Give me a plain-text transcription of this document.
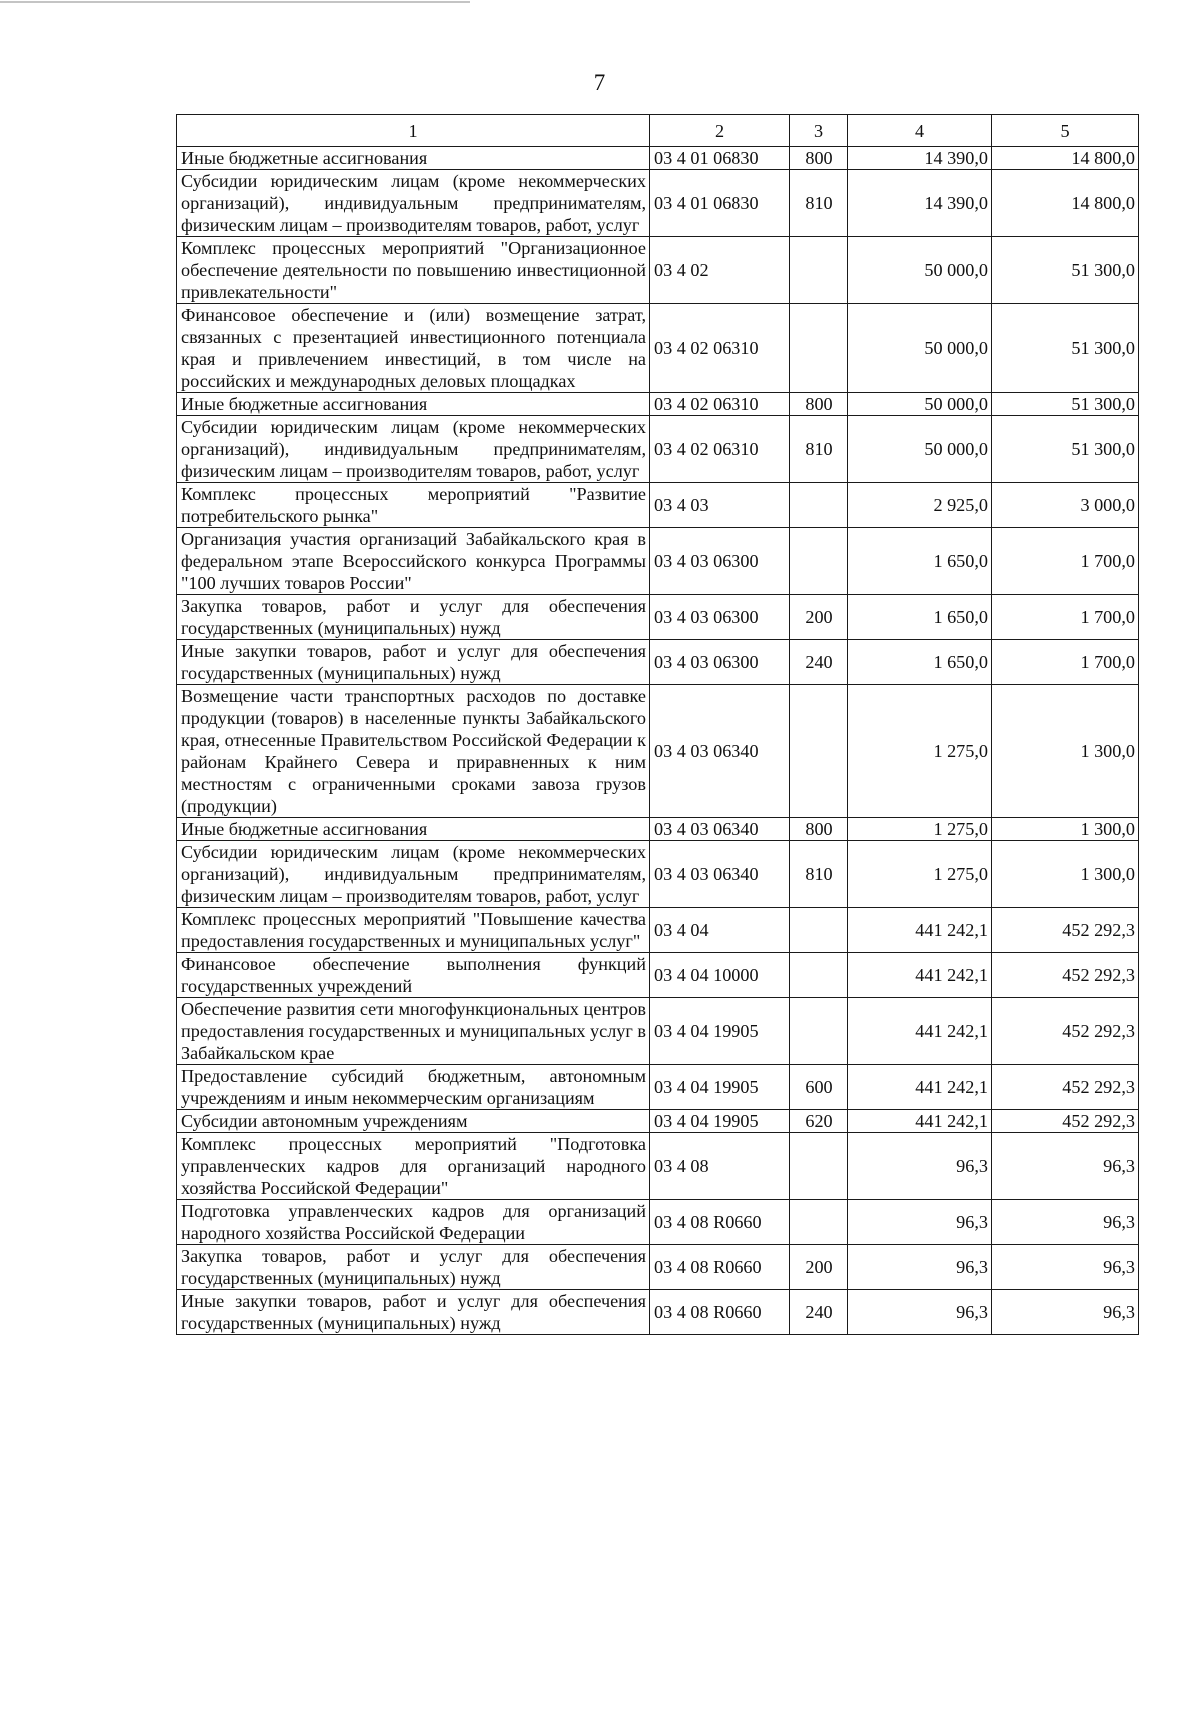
7
1	2	3	4	5
Иные бюджетные ассигнования	03 4 01 06830	800	14 390,0	14 800,0
Субсидии юридическим лицам (кроме некоммерческих организаций), индивидуальным предпринимателям, физическим лицам – производителям товаров, работ, услуг	03 4 01 06830	810	14 390,0	14 800,0
Комплекс процессных мероприятий "Организационное обеспечение деятельности по повышению инвестиционной привлекательности"	03 4 02		50 000,0	51 300,0
Финансовое обеспечение и (или) возмещение затрат, связанных с презентацией инвестиционного потенциала края и привлечением инвестиций, в том числе на российских и международных деловых площадках	03 4 02 06310		50 000,0	51 300,0
Иные бюджетные ассигнования	03 4 02 06310	800	50 000,0	51 300,0
Субсидии юридическим лицам (кроме некоммерческих организаций), индивидуальным предпринимателям, физическим лицам – производителям товаров, работ, услуг	03 4 02 06310	810	50 000,0	51 300,0
Комплекс процессных мероприятий "Развитие потребительского рынка"	03 4 03		2 925,0	3 000,0
Организация участия организаций Забайкальского края в федеральном этапе Всероссийского конкурса Программы "100 лучших товаров России"	03 4 03 06300		1 650,0	1 700,0
Закупка товаров, работ и услуг для обеспечения государственных (муниципальных) нужд	03 4 03 06300	200	1 650,0	1 700,0
Иные закупки товаров, работ и услуг для обеспечения государственных (муниципальных) нужд	03 4 03 06300	240	1 650,0	1 700,0
Возмещение части транспортных расходов по доставке продукции (товаров) в населенные пункты Забайкальского края, отнесенные Правительством Российской Федерации к районам Крайнего Севера и приравненных к ним местностям с ограниченными сроками завоза грузов (продукции)	03 4 03 06340		1 275,0	1 300,0
Иные бюджетные ассигнования	03 4 03 06340	800	1 275,0	1 300,0
Субсидии юридическим лицам (кроме некоммерческих организаций), индивидуальным предпринимателям, физическим лицам – производителям товаров, работ, услуг	03 4 03 06340	810	1 275,0	1 300,0
Комплекс процессных мероприятий "Повышение качества предоставления государственных и муниципальных услуг"	03 4 04		441 242,1	452 292,3
Финансовое обеспечение выполнения функций государственных учреждений	03 4 04 10000		441 242,1	452 292,3
Обеспечение развития сети многофункциональных центров предоставления государственных и муниципальных услуг в Забайкальском крае	03 4 04 19905		441 242,1	452 292,3
Предоставление субсидий бюджетным, автономным учреждениям и иным некоммерческим организациям	03 4 04 19905	600	441 242,1	452 292,3
Субсидии автономным учреждениям	03 4 04 19905	620	441 242,1	452 292,3
Комплекс процессных мероприятий "Подготовка управленческих кадров для организаций народного хозяйства Российской Федерации"	03 4 08		96,3	96,3
Подготовка управленческих кадров для организаций народного хозяйства Российской Федерации	03 4 08 R0660		96,3	96,3
Закупка товаров, работ и услуг для обеспечения государственных (муниципальных) нужд	03 4 08 R0660	200	96,3	96,3
Иные закупки товаров, работ и услуг для обеспечения государственных (муниципальных) нужд	03 4 08 R0660	240	96,3	96,3
